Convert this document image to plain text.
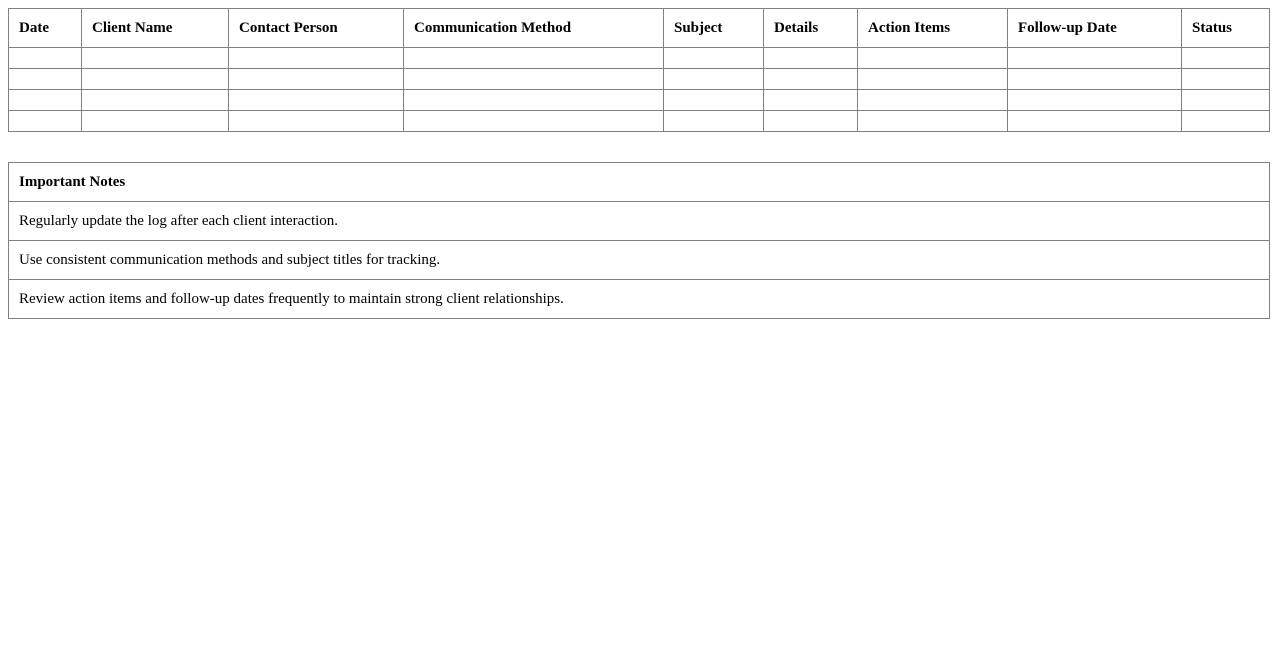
Date	Client Name	Contact Person	Communication Method	Subject	Details	Action Items	Follow-up Date	Status

Important Notes
Regularly update the log after each client interaction.
Use consistent communication methods and subject titles for tracking.
Review action items and follow-up dates frequently to maintain strong client relationships.
